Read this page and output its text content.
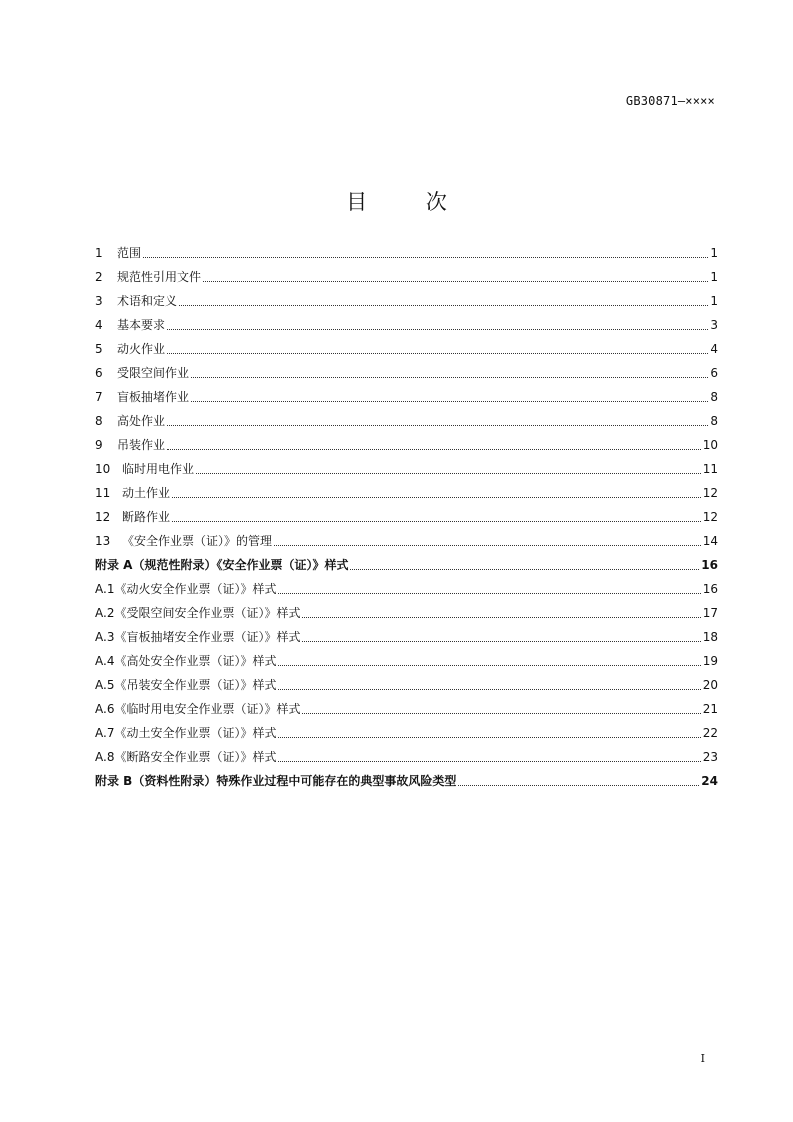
GB30871—××××
目 次
1	范围	1
2	规范性引用文件	1
3	术语和定义	1
4	基本要求	3
5	动火作业	4
6	受限空间作业	6
7	盲板抽堵作业	8
8	高处作业	8
9	吊装作业	10
10 临时用电作业	11
11 动土作业	12
12 断路作业	12
13 《安全作业票（证）》的管理	14
附录 A（规范性附录）《安全作业票（证）》样式	16
A.1《动火安全作业票（证）》样式	16
A.2《受限空间安全作业票（证）》样式	17
A.3《盲板抽堵安全作业票（证）》样式	18
A.4《高处安全作业票（证）》样式	19
A.5《吊装安全作业票（证）》样式	20
A.6《临时用电安全作业票（证）》样式	21
A.7《动土安全作业票（证）》样式	22
A.8《断路安全作业票（证）》样式	23
附录 B（资料性附录）特殊作业过程中可能存在的典型事故风险类型	24
I
